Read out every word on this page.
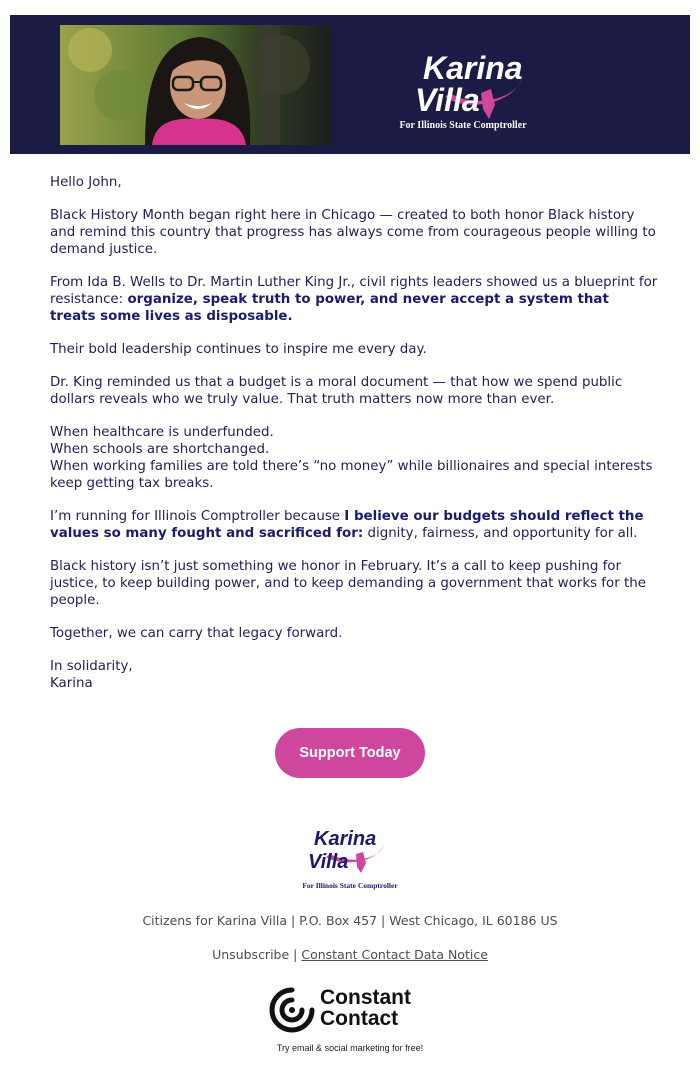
Karina
Villa
For Illinois State Comptroller

Hello John,

Black History Month began right here in Chicago — created to both honor Black history and remind this country that progress has always come from courageous people willing to demand justice.

From Ida B. Wells to Dr. Martin Luther King Jr., civil rights leaders showed us a blueprint for resistance: organize, speak truth to power, and never accept a system that treats some lives as disposable.

Their bold leadership continues to inspire me every day.

Dr. King reminded us that a budget is a moral document — that how we spend public dollars reveals who we truly value. That truth matters now more than ever.

When healthcare is underfunded.
When schools are shortchanged.
When working families are told there’s “no money” while billionaires and special interests keep getting tax breaks.

I’m running for Illinois Comptroller because I believe our budgets should reflect the values so many fought and sacrificed for: dignity, fairness, and opportunity for all.

Black history isn’t just something we honor in February. It’s a call to keep pushing for justice, to keep building power, and to keep demanding a government that works for the people.

Together, we can carry that legacy forward.

In solidarity,
Karina

Support Today
Karina
Villa
For Illinois State Comptroller
Citizens for Karina Villa | P.O. Box 457 | West Chicago, IL 60186 US
Unsubscribe | Constant Contact Data Notice
Constant
Contact
Try email & social marketing for free!
